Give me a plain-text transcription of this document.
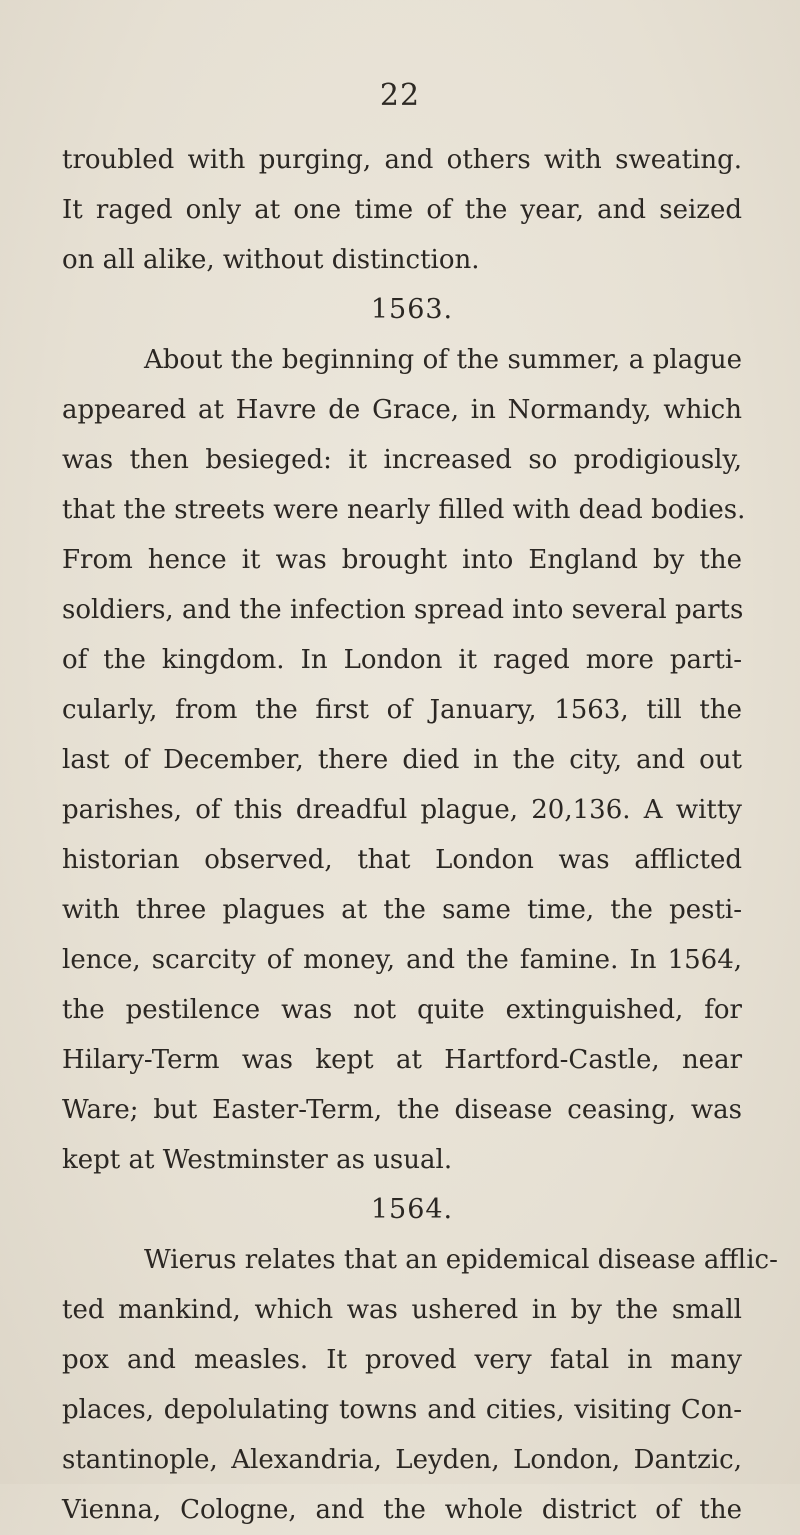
22
troubled with purging, and others with sweating.
It raged only at one time of the year, and seized
on all alike, without distinction.
1563.
About the beginning of the summer, a plague
appeared at Havre de Grace, in Normandy, which
was then besieged: it increased so prodigiously,
that the streets were nearly filled with dead bodies.
From hence it was brought into England by the
soldiers, and the infection spread into several parts
of the kingdom. In London it raged more parti-
cularly, from the first of January, 1563, till the
last of December, there died in the city, and out
parishes, of this dreadful plague, 20,136. A witty
historian observed, that London was afflicted
with three plagues at the same time, the pesti-
lence, scarcity of money, and the famine. In 1564,
the pestilence was not quite extinguished, for
Hilary-Term was kept at Hartford-Castle, near
Ware; but Easter-Term, the disease ceasing, was
kept at Westminster as usual.
1564.
Wierus relates that an epidemical disease afflic-
ted mankind, which was ushered in by the small
pox and measles. It proved very fatal in many
places, depolulating towns and cities, visiting Con-
stantinople, Alexandria, Leyden, London, Dantzic,
Vienna, Cologne, and the whole district of the
